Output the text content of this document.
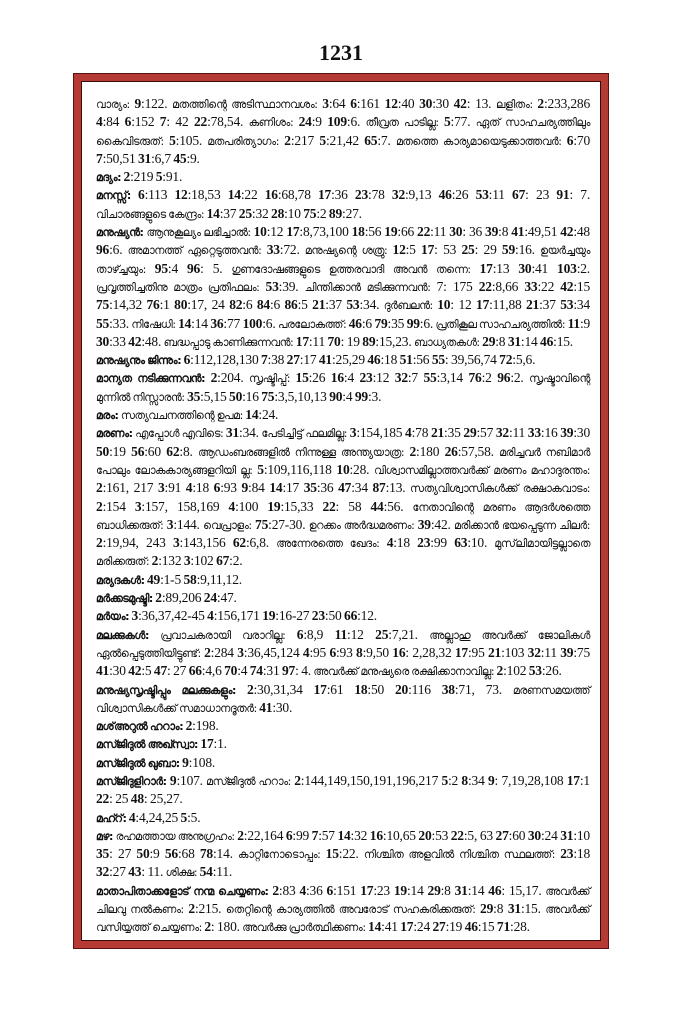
1231
വാര്യം: 9:122. മതത്തിന്റെ അടിസ്ഥാനവശം: 3:64 6:161 12:40 30:30 42: 13. ലളിതം: 2:233,286 4:84 6:152 7: 42 22:78,54. കണിശം: 24:9 109:6. തീവ്രത പാടില്ല: 5:77. ഏത് സാഹചര്യത്തിലും കൈവിടരുത്: 5:105. മതപരിത്യാഗം: 2:217 5:21,42 65:7. മതത്തെ കാര്യമായെടുക്കാത്തവർ: 6:70 7:50,51 31:6,7 45:9.
മദ്യം: 2:219 5:91.
മനസ്സ്: 6:113 12:18,53 14:22 16:68,78 17:36 23:78 32:9,13 46:26 53:11 67: 23 91: 7. വിചാരങ്ങളുടെ കേന്ദ്രം: 14:37 25:32 28:10 75:2 89:27.
മനുഷ്യൻ: ആനുകൂല്യം ലഭിച്ചാൽ: 10:12 17:8,73,100 18:56 19:66 22:11 30: 36 39:8 41:49,51 42:48 96:6. അമാനത്ത് ഏറ്റെടുത്തവൻ: 33:72. മനുഷ്യന്റെ ശത്രു: 12:5 17: 53 25: 29 59:16. ഉയർച്ചയും താഴ്ച്ചയും: 95:4 96: 5. ഗുണദോഷങ്ങളുടെ ഉത്തരവാദി അവൻ തന്നെ: 17:13 30:41 103:2. പ്രവൃത്തിച്ചതിനു മാത്രം പ്രതിഫലം: 53:39. ചിന്തിക്കാൻ മടിക്കുന്നവൻ: 7: 175 22:8,66 33:22 42:15 75:14,32 76:1 80:17, 24 82:6 84:6 86:5 21:37 53:34. ദുർബലൻ: 10: 12 17:11,88 21:37 53:34 55:33. നിഷേധി: 14:14 36:77 100:6. പരലോകത്ത്: 46:6 79:35 99:6. പ്രതികൂല സാഹചര്യത്തിൽ: 11:9 30:33 42:48. ബദ്ധപ്പാടു കാണിക്കുന്നവൻ: 17:11 70: 19 89:15,23. ബാധ്യതകൾ: 29:8 31:14 46:15.
മനുഷ്യനും ജിന്നും: 6:112,128,130 7:38 27:17 41:25,29 46:18 51:56 55: 39,56,74 72:5,6.
മാന്യത നടിക്കുന്നവൻ: 2:204. സൃഷ്ടിപ്പ്: 15:26 16:4 23:12 32:7 55:3,14 76:2 96:2. സൃഷ്ടാവിന്റെ മുന്നിൽ നിസ്സാരൻ: 35:5,15 50:16 75:3,5,10,13 90:4 99:3.
മരം: സത്യവചനത്തിന്റെ ഉപമ: 14:24.
മരണം: എപ്പോൾ എവിടെ: 31:34. പേടിച്ചിട്ട് ഫലമില്ല: 3:154,185 4:78 21:35 29:57 32:11 33:16 39:30 50:19 56:60 62:8. ആഡംബരങ്ങളിൽ നിന്നുള്ള അന്ത്യയാത്ര: 2:180 26:57,58. മരിച്ചവർ നബിമാർ പോലും ലോകകാര്യങ്ങളറിയി ല്ല: 5:109,116,118 10:28. വിശ്വാസമില്ലാത്തവർക്ക് മരണം മഹാദുരന്തം: 2:161, 217 3:91 4:18 6:93 9:84 14:17 35:36 47:34 87:13. സത്യവിശ്വാസികൾക്ക് രക്ഷാകവാടം: 2:154 3:157, 158,169 4:100 19:15,33 22: 58 44:56. നേതാവിന്റെ മരണം ആദർശത്തെ ബാധിക്കരുത്: 3:144. വെപ്രാളം: 75:27-30. ഉറക്കം അർദ്ധമരണം: 39:42. മരിക്കാൻ ഭയപ്പെടുന്ന ചിലർ: 2:19,94, 243 3:143,156 62:6,8. അന്നേരത്തെ ഖേദം: 4:18 23:99 63:10. മുസ്‌ലിമായിട്ടല്ലാതെ മരിക്കരുത്: 2:132 3:102 67:2.
മര്യദകൾ: 49:1-5 58:9,11,12.
മർക്കടമുഷ്ടി: 2:89,206 24:47.
മർയം: 3:36,37,42-45 4:156,171 19:16-27 23:50 66:12.
മലക്കുകൾ: പ്രവാചകരായി വരാറില്ല: 6:8,9 11:12 25:7,21. അല്ലാഹു അവർക്ക് ജോലികൾ ഏൽപ്പെടുത്തിയിട്ടുണ്ട്: 2:284 3:36,45,124 4:95 6:93 8:9,50 16: 2,28,32 17:95 21:103 32:11 39:75 41:30 42:5 47: 27 66:4,6 70:4 74:31 97: 4. അവർക്ക് മനുഷ്യരെ രക്ഷിക്കാനാവില്ല: 2:102 53:26.
മനുഷ്യസൃഷ്ടിപ്പും മലക്കുകളും: 2:30,31,34 17:61 18:50 20:116 38:71, 73. മരണസമയത്ത് വിശ്വാസികൾക്ക് സമാധാനദൂതർ: 41:30.
മശ്അറുൽ ഹറാം: 2:198.
മസ്ജിദുൽ അഖ്സ്വാ: 17:1.
മസ്ജിദുൽ ഖുബാ: 9:108.
മസ്ജിദുളിറാർ: 9:107. മസ്ജിദുൽ ഹറാം: 2:144,149,150,191,196,217 5:2 8:34 9: 7,19,28,108 17:1 22: 25 48: 25,27.
മഹ്റ്: 4:4,24,25 5:5.
മഴ: രഹമത്തായ അനുഗ്രഹം: 2:22,164 6:99 7:57 14:32 16:10,65 20:53 22:5, 63 27:60 30:24 31:10 35: 27 50:9 56:68 78:14. കാറ്റിനോടൊപ്പം: 15:22. നിശ്ചിത അളവിൽ നിശ്ചിത സ്ഥലത്ത്: 23:18 32:27 43: 11. ശിക്ഷ: 54:11.
മാതാപിതാക്കളോട് നന്മ ചെയ്യണം: 2:83 4:36 6:151 17:23 19:14 29:8 31:14 46: 15,17. അവർക്ക് ചിലവു നൽകണം: 2:215. തെറ്റിന്റെ കാര്യത്തിൽ അവരോട് സഹകരിക്കരുത്: 29:8 31:15. അവർക്ക് വസിയ്യത്ത് ചെയ്യണം: 2: 180. അവർക്കു പ്രാർത്ഥിക്കണം: 14:41 17:24 27:19 46:15 71:28.
